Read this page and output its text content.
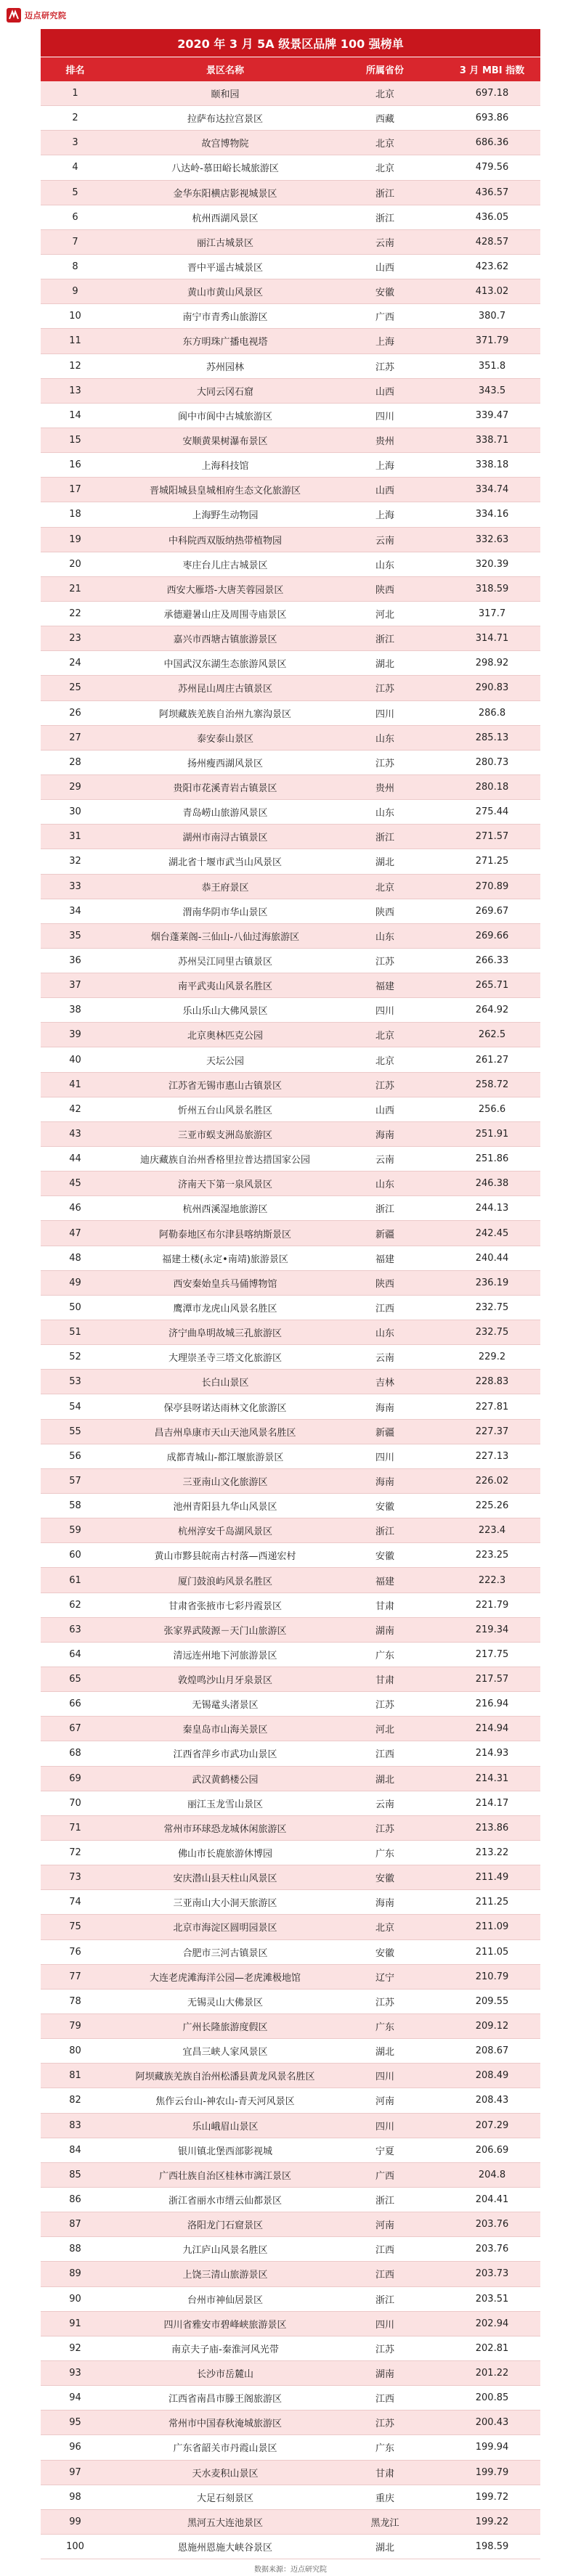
迈点研究院
2020 年 3 月 5A 级景区品牌 100 强榜单
排名	景区名称	所属省份	3 月 MBI 指数
1	颐和园	北京	697.18
2	拉萨布达拉宫景区	西藏	693.86
3	故宫博物院	北京	686.36
4	八达岭-慕田峪长城旅游区	北京	479.56
5	金华东阳横店影视城景区	浙江	436.57
6	杭州西湖风景区	浙江	436.05
7	丽江古城景区	云南	428.57
8	晋中平遥古城景区	山西	423.62
9	黄山市黄山风景区	安徽	413.02
10	南宁市青秀山旅游区	广西	380.7
11	东方明珠广播电视塔	上海	371.79
12	苏州园林	江苏	351.8
13	大同云冈石窟	山西	343.5
14	阆中市阆中古城旅游区	四川	339.47
15	安顺黄果树瀑布景区	贵州	338.71
16	上海科技馆	上海	338.18
17	晋城阳城县皇城相府生态文化旅游区	山西	334.74
18	上海野生动物园	上海	334.16
19	中科院西双版纳热带植物园	云南	332.63
20	枣庄台儿庄古城景区	山东	320.39
21	西安大雁塔-大唐芙蓉园景区	陕西	318.59
22	承德避暑山庄及周围寺庙景区	河北	317.7
23	嘉兴市西塘古镇旅游景区	浙江	314.71
24	中国武汉东湖生态旅游风景区	湖北	298.92
25	苏州昆山周庄古镇景区	江苏	290.83
26	阿坝藏族羌族自治州九寨沟景区	四川	286.8
27	泰安泰山景区	山东	285.13
28	扬州瘦西湖风景区	江苏	280.73
29	贵阳市花溪青岩古镇景区	贵州	280.18
30	青岛崂山旅游风景区	山东	275.44
31	湖州市南浔古镇景区	浙江	271.57
32	湖北省十堰市武当山风景区	湖北	271.25
33	恭王府景区	北京	270.89
34	渭南华阴市华山景区	陕西	269.67
35	烟台蓬莱阁-三仙山-八仙过海旅游区	山东	269.66
36	苏州吴江同里古镇景区	江苏	266.33
37	南平武夷山风景名胜区	福建	265.71
38	乐山乐山大佛风景区	四川	264.92
39	北京奥林匹克公园	北京	262.5
40	天坛公园	北京	261.27
41	江苏省无锡市惠山古镇景区	江苏	258.72
42	忻州五台山风景名胜区	山西	256.6
43	三亚市蜈支洲岛旅游区	海南	251.91
44	迪庆藏族自治州香格里拉普达措国家公园	云南	251.86
45	济南天下第一泉风景区	山东	246.38
46	杭州西溪湿地旅游区	浙江	244.13
47	阿勒泰地区布尔津县喀纳斯景区	新疆	242.45
48	福建土楼(永定•南靖)旅游景区	福建	240.44
49	西安秦始皇兵马俑博物馆	陕西	236.19
50	鹰潭市龙虎山风景名胜区	江西	232.75
51	济宁曲阜明故城三孔旅游区	山东	232.75
52	大理崇圣寺三塔文化旅游区	云南	229.2
53	长白山景区	吉林	228.83
54	保亭县呀诺达雨林文化旅游区	海南	227.81
55	昌吉州阜康市天山天池风景名胜区	新疆	227.37
56	成都青城山-都江堰旅游景区	四川	227.13
57	三亚南山文化旅游区	海南	226.02
58	池州青阳县九华山风景区	安徽	225.26
59	杭州淳安千岛湖风景区	浙江	223.4
60	黄山市黟县皖南古村落—西递宏村	安徽	223.25
61	厦门鼓浪屿风景名胜区	福建	222.3
62	甘肃省张掖市七彩丹霞景区	甘肃	221.79
63	张家界武陵源－天门山旅游区	湖南	219.34
64	清远连州地下河旅游景区	广东	217.75
65	敦煌鸣沙山月牙泉景区	甘肃	217.57
66	无锡鼋头渚景区	江苏	216.94
67	秦皇岛市山海关景区	河北	214.94
68	江西省萍乡市武功山景区	江西	214.93
69	武汉黄鹤楼公园	湖北	214.31
70	丽江玉龙雪山景区	云南	214.17
71	常州市环球恐龙城休闲旅游区	江苏	213.86
72	佛山市长鹿旅游休博园	广东	213.22
73	安庆潜山县天柱山风景区	安徽	211.49
74	三亚南山大小洞天旅游区	海南	211.25
75	北京市海淀区圆明园景区	北京	211.09
76	合肥市三河古镇景区	安徽	211.05
77	大连老虎滩海洋公园—老虎滩极地馆	辽宁	210.79
78	无锡灵山大佛景区	江苏	209.55
79	广州长隆旅游度假区	广东	209.12
80	宜昌三峡人家风景区	湖北	208.67
81	阿坝藏族羌族自治州松潘县黄龙风景名胜区	四川	208.49
82	焦作云台山-神农山-青天河风景区	河南	208.43
83	乐山峨眉山景区	四川	207.29
84	银川镇北堡西部影视城	宁夏	206.69
85	广西壮族自治区桂林市漓江景区	广西	204.8
86	浙江省丽水市缙云仙都景区	浙江	204.41
87	洛阳龙门石窟景区	河南	203.76
88	九江庐山风景名胜区	江西	203.76
89	上饶三清山旅游景区	江西	203.73
90	台州市神仙居景区	浙江	203.51
91	四川省雅安市碧峰峡旅游景区	四川	202.94
92	南京夫子庙-秦淮河风光带	江苏	202.81
93	长沙市岳麓山	湖南	201.22
94	江西省南昌市滕王阁旅游区	江西	200.85
95	常州市中国春秋淹城旅游区	江苏	200.43
96	广东省韶关市丹霞山景区	广东	199.94
97	天水麦积山景区	甘肃	199.79
98	大足石刻景区	重庆	199.72
99	黑河五大连池景区	黑龙江	199.22
100	恩施州恩施大峡谷景区	湖北	198.59
数据来源：迈点研究院
